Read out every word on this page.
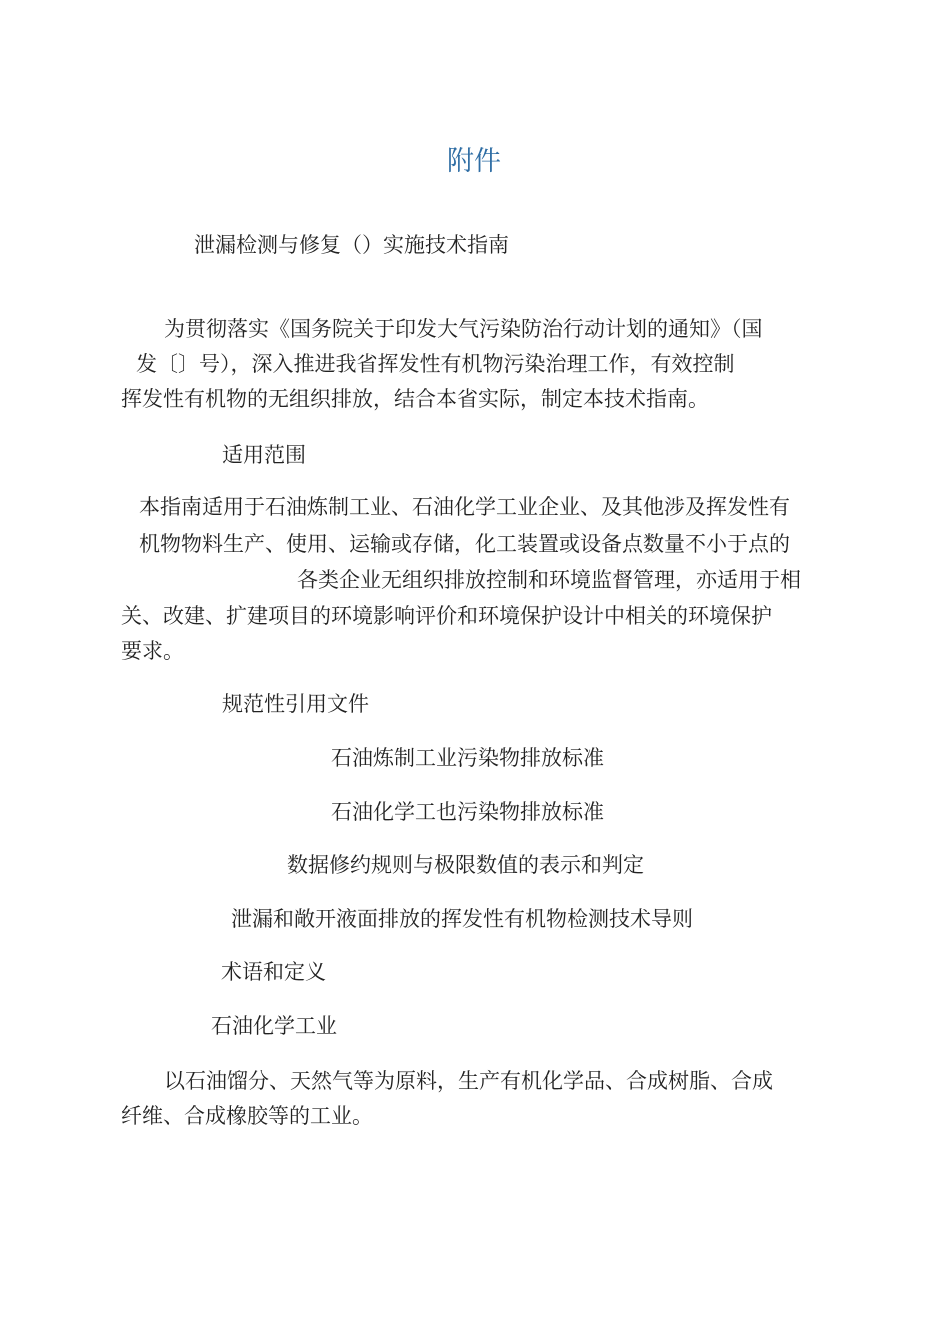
附件
泄漏检测与修复（）实施技术指南
为贯彻落实《国务院关于印发大气污染防治行动计划的通知》（国
发〔〕号），深入推进我省挥发性有机物污染治理工作，有效控制
挥发性有机物的无组织排放，结合本省实际，制定本技术指南。
适用范围
本指南适用于石油炼制工业、石油化学工业企业、及其他涉及挥发性有
机物物料生产、使用、运输或存储，化工装置或设备点数量不小于点的
各类企业无组织排放控制和环境监督管理，亦适用于相
关、改建、扩建项目的环境影响评价和环境保护设计中相关的环境保护
要求。
规范性引用文件
石油炼制工业污染物排放标准
石油化学工也污染物排放标准
数据修约规则与极限数值的表示和判定
泄漏和敞开液面排放的挥发性有机物检测技术导则
术语和定义
石油化学工业
以石油馏分、天然气等为原料，生产有机化学品、合成树脂、合成
纤维、合成橡胶等的工业。
